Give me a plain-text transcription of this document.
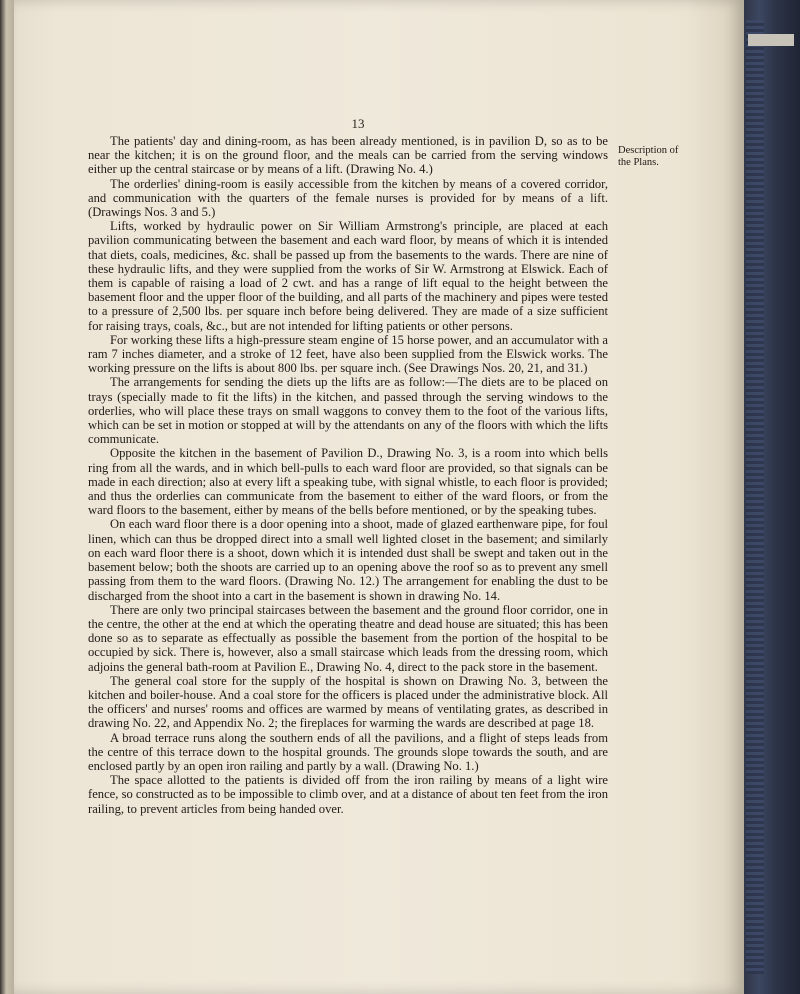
13

The patients' day and dining-room, as has been already mentioned, is in pavilion D, so as to be near the kitchen; it is on the ground floor, and the meals can be carried from the serving windows either up the central staircase or by means of a lift. (Drawing No. 4.)

The orderlies' dining-room is easily accessible from the kitchen by means of a covered corridor, and communication with the quarters of the female nurses is provided for by means of a lift. (Drawings Nos. 3 and 5.)

Lifts, worked by hydraulic power on Sir William Armstrong's principle, are placed at each pavilion communicating between the basement and each ward floor, by means of which it is intended that diets, coals, medicines, &c. shall be passed up from the basements to the wards. There are nine of these hydraulic lifts, and they were supplied from the works of Sir W. Armstrong at Elswick. Each of them is capable of raising a load of 2 cwt. and has a range of lift equal to the height between the basement floor and the upper floor of the building, and all parts of the machinery and pipes were tested to a pressure of 2,500 lbs. per square inch before being delivered. They are made of a size sufficient for raising trays, coals, &c., but are not intended for lifting patients or other persons.

For working these lifts a high-pressure steam engine of 15 horse power, and an accumulator with a ram 7 inches diameter, and a stroke of 12 feet, have also been supplied from the Elswick works. The working pressure on the lifts is about 800 lbs. per square inch. (See Drawings Nos. 20, 21, and 31.)

The arrangements for sending the diets up the lifts are as follow:—The diets are to be placed on trays (specially made to fit the lifts) in the kitchen, and passed through the serving windows to the orderlies, who will place these trays on small waggons to convey them to the foot of the various lifts, which can be set in motion or stopped at will by the attendants on any of the floors with which the lifts communicate.

Opposite the kitchen in the basement of Pavilion D., Drawing No. 3, is a room into which bells ring from all the wards, and in which bell-pulls to each ward floor are provided, so that signals can be made in each direction; also at every lift a speaking tube, with signal whistle, to each floor is provided; and thus the orderlies can communicate from the basement to either of the ward floors, or from the ward floors to the basement, either by means of the bells before mentioned, or by the speaking tubes.

On each ward floor there is a door opening into a shoot, made of glazed earthenware pipe, for foul linen, which can thus be dropped direct into a small well lighted closet in the basement; and similarly on each ward floor there is a shoot, down which it is intended dust shall be swept and taken out in the basement below; both the shoots are carried up to an opening above the roof so as to prevent any smell passing from them to the ward floors. (Drawing No. 12.) The arrangement for enabling the dust to be discharged from the shoot into a cart in the basement is shown in drawing No. 14.

There are only two principal staircases between the basement and the ground floor corridor, one in the centre, the other at the end at which the operating theatre and dead house are situated; this has been done so as to separate as effectually as possible the basement from the portion of the hospital to be occupied by sick. There is, however, also a small staircase which leads from the dressing room, which adjoins the general bath-room at Pavilion E., Drawing No. 4, direct to the pack store in the basement.

The general coal store for the supply of the hospital is shown on Drawing No. 3, between the kitchen and boiler-house. And a coal store for the officers is placed under the administrative block. All the officers' and nurses' rooms and offices are warmed by means of ventilating grates, as described in drawing No. 22, and Appendix No. 2; the fireplaces for warming the wards are described at page 18.

A broad terrace runs along the southern ends of all the pavilions, and a flight of steps leads from the centre of this terrace down to the hospital grounds. The grounds slope towards the south, and are enclosed partly by an open iron railing and partly by a wall. (Drawing No. 1.)

The space allotted to the patients is divided off from the iron railing by means of a light wire fence, so constructed as to be impossible to climb over, and at a distance of about ten feet from the iron railing, to prevent articles from being handed over.

Description of the Plans.
